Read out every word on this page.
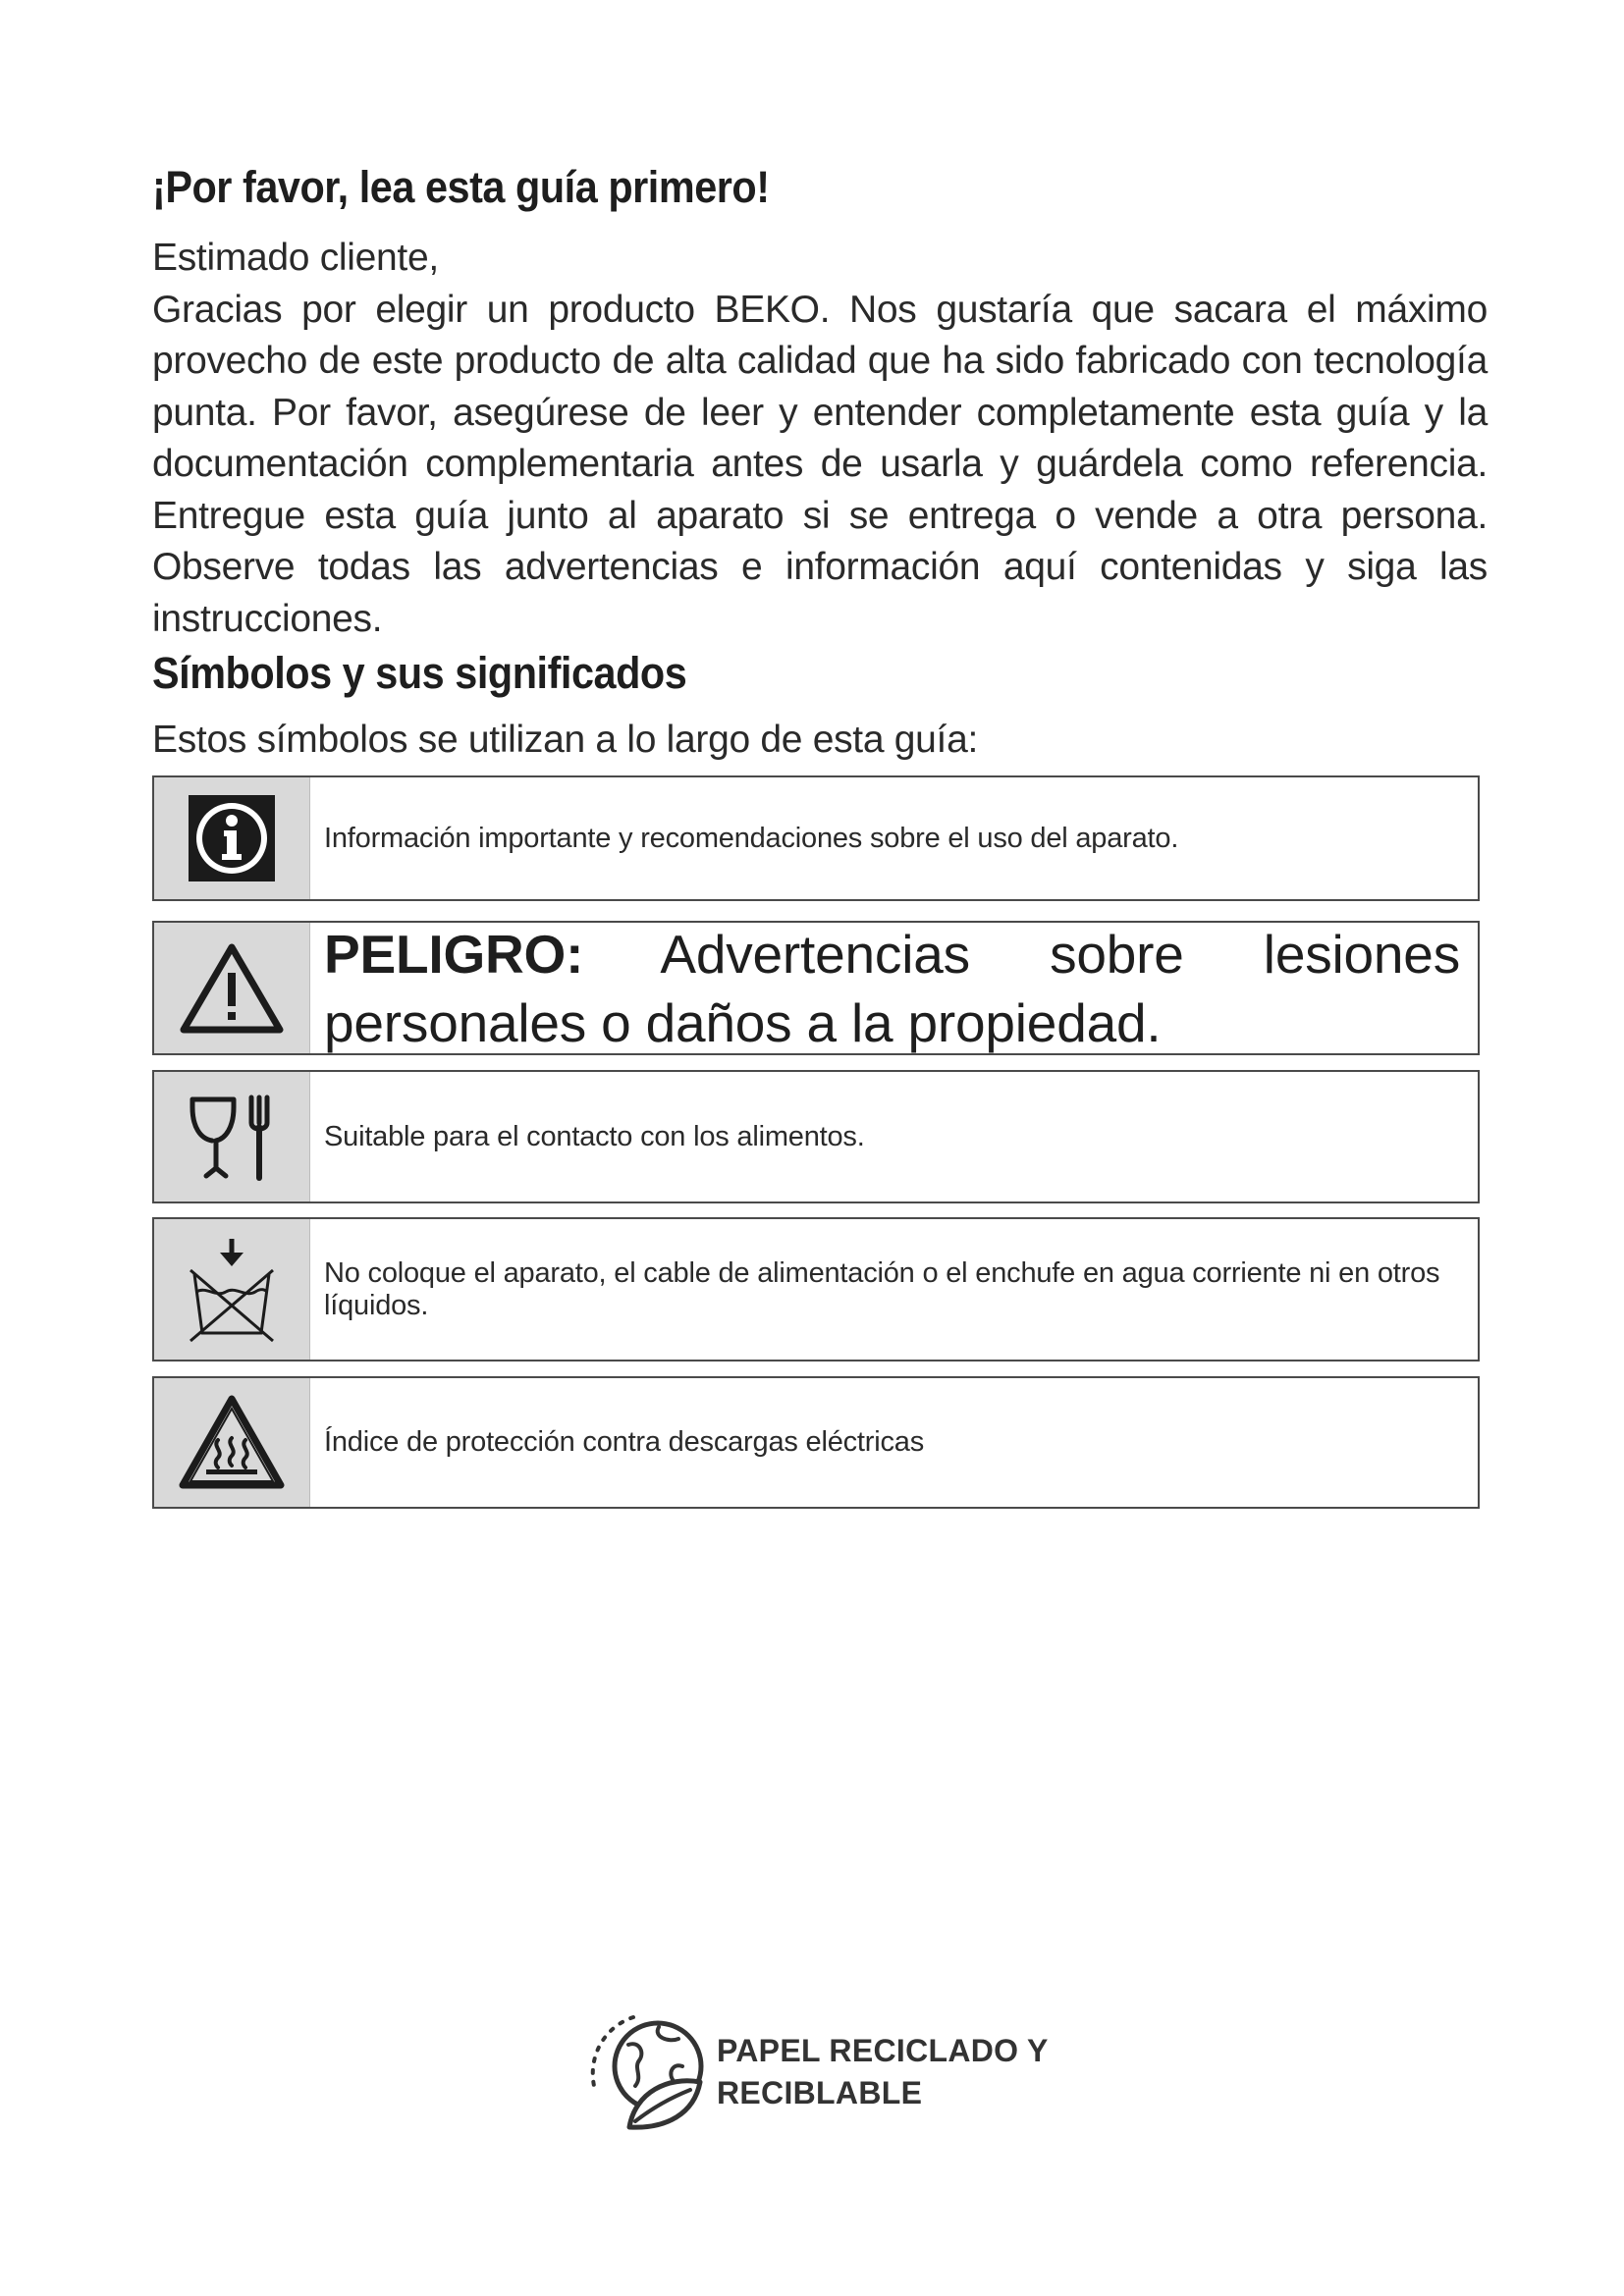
¡Por favor, lea esta guía primero!
Estimado cliente,
Gracias por elegir un producto BEKO. Nos gustaría que sacara el máximo provecho de este producto de alta calidad que ha sido fabricado con tecnología punta. Por favor, asegúrese de leer y entender completamente esta guía y la documentación complementaria antes de usarla y guárdela como referencia. Entregue esta guía junto al aparato si se entrega o vende a otra persona. Observe todas las advertencias e información aquí contenidas y siga las instrucciones.
Símbolos y sus significados
Estos símbolos se utilizan a lo largo de esta guía:
Información importante y recomendaciones sobre el uso del aparato.
PELIGRO: Advertencias sobre lesiones personales o daños a la propiedad.
Suitable para el contacto con los alimentos.
No coloque el aparato, el cable de alimentación o el enchufe en agua corriente ni en otros líquidos.
Índice de protección contra descargas eléctricas
PAPEL RECICLADO Y
RECIBLABLE
